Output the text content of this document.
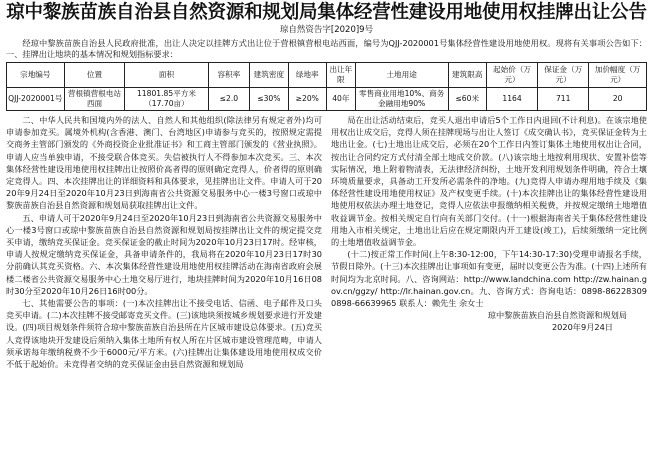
琼中黎族苗族自治县自然资源和规划局集体经营性建设用地使用权挂牌出让公告
琼自然资告字[2020]9号
经琼中黎族苗族自治县人民政府批准，出让人决定以挂牌方式出让位于营根镇营根电站西面，编号为QJJ-2020001号集体经营性建设用地使用权。现将有关事项公告如下：一、挂牌出让地块的基本情况和规划指标要求：
宗地编号	位置	面积	容积率	建筑密度	绿地率	出让年限	土地用途	建筑限高	起始价（万元）	保证金（万元）	加价幅度（万元）
QJJ-2020001号	营根镇营根电站西面	11801.85平方米（17.70亩）	≤2.0	≤30%	≥20%	40年	零售商业用地10%、商务金融用地90%	≤60米	1164	711	20

二、中华人民共和国境内外的法人、自然人和其他组织(除法律另有规定者外)均可申请参加竞买。属境外机构(含香港、澳门、台湾地区)申请参与竞买的，按照规定需提交商务主管部门颁发的《外商投资企业批准证书》和工商主管部门颁发的《营业执照》。申请人应当单独申请，不接受联合体竞买。失信被执行人不得参加本次竞买。三、本次集体经营性建设用地使用权挂牌出让按照价高者得的原则确定竞得人，价者得的原则确定竞得人。四、本次挂牌出让的详细资料和具体要求，见挂牌出让文件。申请人可于2020年9月24日至2020年10月23日到海南省公共资源交易服务中心一楼3号窗口或琼中黎族苗族自治县自然资源和规划局获取挂牌出让文件。

五、申请人可于2020年9月24日至2020年10月23日到海南省公共资源交易服务中心一楼3号窗口或琼中黎族苗族自治县自然资源和规划局按挂牌出让文件的规定提交竞买申请，缴纳竞买保证金。竞买保证金的截止时间为2020年10月23日17时。经审核，申请人按规定缴纳竞买保证金，具备申请条件的，我局将在2020年10月23日17时30分前确认其竞买资格。六、本次集体经营性建设用地使用权挂牌活动在海南省政府会展楼二楼省公共资源交易服务中心土地交易厅进行，地块挂牌时间为2020年10月16日08时30分至2020年10月26日16时00分。

七、其他需要公告的事项：(一)本次挂牌出让不接受电话、信函、电子邮件及口头竞买申请。(二)本次挂牌不接受邮寄竞买文件。(三)该地块须按城乡规划要求进行开发建设。(四)项目规划条件须符合琼中黎族苗族自治县所在片区城市建设总体要求。(五)竞买人竞得该地块开发建设后须纳入集体土地所有权人所在片区城市建设管理范畴，申请人须承诺每年缴纳税费不少于6000元/平方米。(六)挂牌出让集体建设用地使用权成交价不低于起始价。未竞得者交纳的竞买保证金由县自然资源和规划局

局在出让活动结束后，竞买人退出申请后5个工作日内退回(不计利息)。在该宗地使用权出让成交后，竞得人须在挂牌现场与出让人签订《成交确认书》，竞买保证金转为土地出让金。(七)土地出让成交后，必须在20个工作日内签订集体土地使用权出让合同，按出让合同约定方式付清全部土地成交价款。(八)该宗地土地按利用现状、安置补偿等实际情况，地上附着物清表，无法律经济纠纷，土地开发利用规划条件明确，符合土壤环境质量要求，具备动工开发所必需条件的净地。(九)竞得人申请办理用地手续及《集体经营性建设用地使用权证》及产权变更手续。(十)本次挂牌出让的集体经营性建设用地使用权依法办理土地登记，竞得人应依法申报缴纳相关税费，并按规定缴纳土地增值收益调节金。按相关规定自行向有关部门交付。(十一)根据海南省关于集体经营性建设用地入市相关规定，土地出让后应在规定期限内开工建设(竣工)，后续须缴纳一定比例的土地增值收益调节金。

(十二)按正常工作时间(上午8:30-12:00，下午14:30-17:30)受理申请报名手续，节假日除外。(十三)本次挂牌出让事项如有变更，届时以变更公告为准。(十四)上述所有时间均为北京时间。八、咨询网站：http://www.landchina.com http://zw.hainan.gov.cn/ggzy/ http://lr.hainan.gov.cn。九、咨询方式：咨询电话：0898-86228309 0898-66639965 联系人：赖先生 余女士

琼中黎族苗族自治县自然资源和规划局

2020年9月24日
